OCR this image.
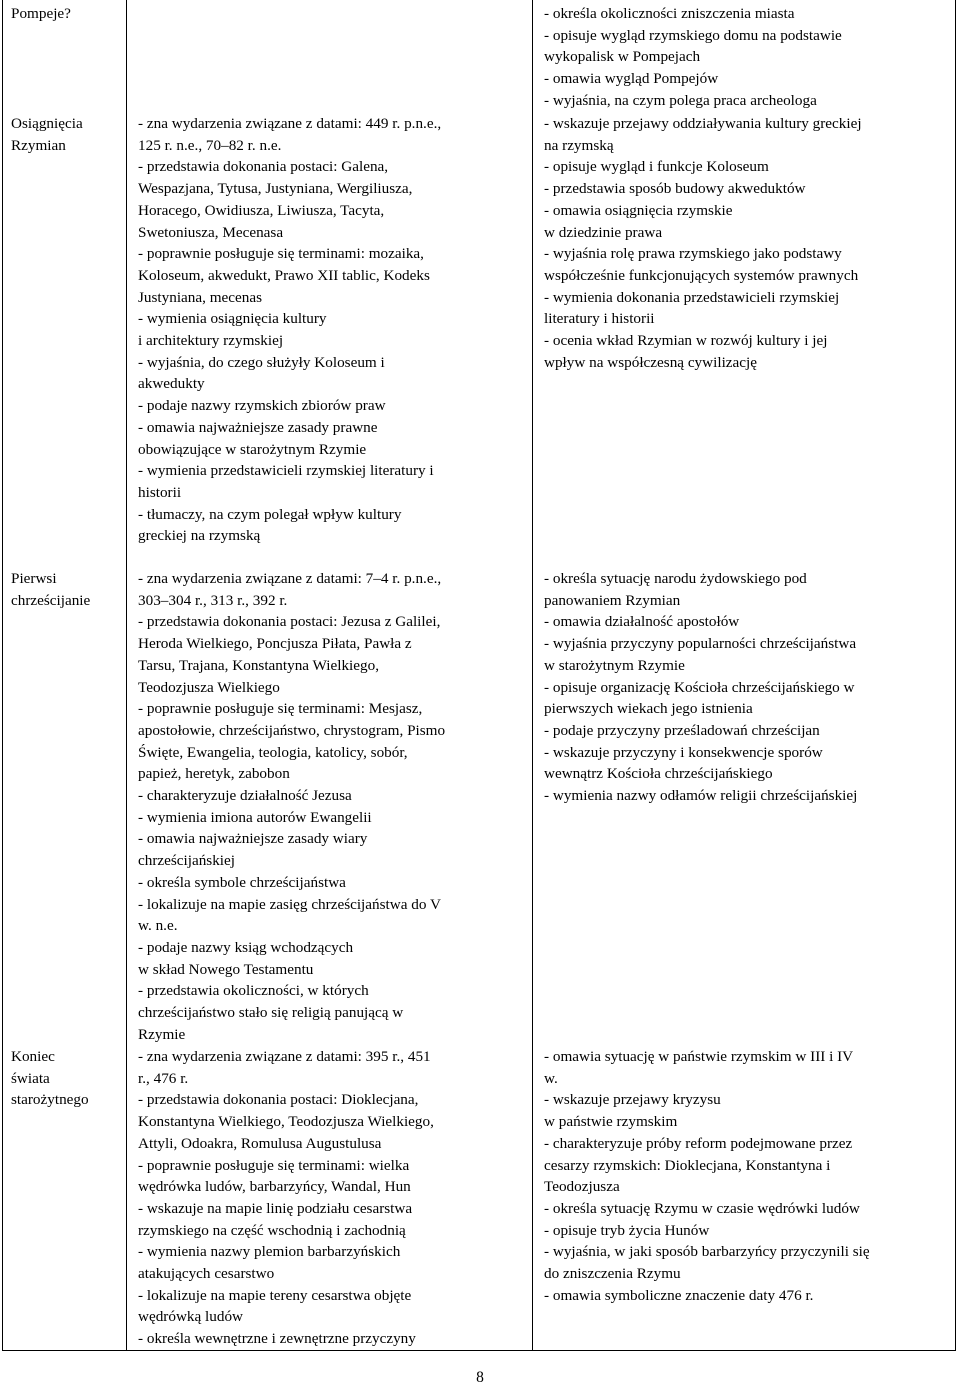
Pompeje?	- określa okoliczności zniszczenia miasta
- opisuje wygląd rzymskiego domu na podstawie
wykopalisk w Pompejach
- omawia wygląd Pompejów
- wyjaśnia, na czym polega praca archeologa
Osiągnięcia
Rzymian
- zna wydarzenia związane z datami: 449 r. p.n.e.,
125 r. n.e., 70–82 r. n.e.
- przedstawia dokonania postaci: Galena,
Wespazjana, Tytusa, Justyniana, Wergiliusza,
Horacego, Owidiusza, Liwiusza, Tacyta,
Swetoniusza, Mecenasa
- poprawnie posługuje się terminami: mozaika,
Koloseum, akwedukt, Prawo XII tablic, Kodeks
Justyniana, mecenas
- wymienia osiągnięcia kultury
i architektury rzymskiej
- wyjaśnia, do czego służyły Koloseum i
akwedukty
- podaje nazwy rzymskich zbiorów praw
- omawia najważniejsze zasady prawne
obowiązujące w starożytnym Rzymie
- wymienia przedstawicieli rzymskiej literatury i
historii
- tłumaczy, na czym polegał wpływ kultury
greckiej na rzymską
- wskazuje przejawy oddziaływania kultury greckiej
na rzymską
- opisuje wygląd i funkcje Koloseum
- przedstawia sposób budowy akweduktów
- omawia osiągnięcia rzymskie
w dziedzinie prawa
- wyjaśnia rolę prawa rzymskiego jako podstawy
współcześnie funkcjonujących systemów prawnych
- wymienia dokonania przedstawicieli rzymskiej
literatury i historii
- ocenia wkład Rzymian w rozwój kultury i jej
wpływ na współczesną cywilizację
Pierwsi
chrześcijanie
- zna wydarzenia związane z datami: 7–4 r. p.n.e.,
303–304 r., 313 r., 392 r.
- przedstawia dokonania postaci: Jezusa z Galilei,
Heroda Wielkiego, Poncjusza Piłata, Pawła z
Tarsu, Trajana, Konstantyna Wielkiego,
Teodozjusza Wielkiego
- poprawnie posługuje się terminami: Mesjasz,
apostołowie, chrześcijaństwo, chrystogram, Pismo
Święte, Ewangelia, teologia, katolicy, sobór,
papież, heretyk, zabobon
- charakteryzuje działalność Jezusa
- wymienia imiona autorów Ewangelii
- omawia najważniejsze zasady wiary
chrześcijańskiej
- określa symbole chrześcijaństwa
- lokalizuje na mapie zasięg chrześcijaństwa do V
w. n.e.
- podaje nazwy ksiąg wchodzących
w skład Nowego Testamentu
- przedstawia okoliczności, w których
chrześcijaństwo stało się religią panującą w
Rzymie
- określa sytuację narodu żydowskiego pod
panowaniem Rzymian
- omawia działalność apostołów
- wyjaśnia przyczyny popularności chrześcijaństwa
w starożytnym Rzymie
- opisuje organizację Kościoła chrześcijańskiego w
pierwszych wiekach jego istnienia
- podaje przyczyny prześladowań chrześcijan
- wskazuje przyczyny i konsekwencje sporów
wewnątrz Kościoła chrześcijańskiego
- wymienia nazwy odłamów religii chrześcijańskiej
Koniec
świata
starożytnego
- zna wydarzenia związane z datami: 395 r., 451
r., 476 r.
- przedstawia dokonania postaci: Dioklecjana,
Konstantyna Wielkiego, Teodozjusza Wielkiego,
Attyli, Odoakra, Romulusa Augustulusa
- poprawnie posługuje się terminami: wielka
wędrówka ludów, barbarzyńcy, Wandal, Hun
- wskazuje na mapie linię podziału cesarstwa
rzymskiego na część wschodnią i zachodnią
- wymienia nazwy plemion barbarzyńskich
atakujących cesarstwo
- lokalizuje na mapie tereny cesarstwa objęte
wędrówką ludów
- określa wewnętrzne i zewnętrzne przyczyny
- omawia sytuację w państwie rzymskim w III i IV
w.
- wskazuje przejawy kryzysu
w państwie rzymskim
- charakteryzuje próby reform podejmowane przez
cesarzy rzymskich: Dioklecjana, Konstantyna i
Teodozjusza
- określa sytuację Rzymu w czasie wędrówki ludów
- opisuje tryb życia Hunów
- wyjaśnia, w jaki sposób barbarzyńcy przyczynili się
do zniszczenia Rzymu
- omawia symboliczne znaczenie daty 476 r.
8
